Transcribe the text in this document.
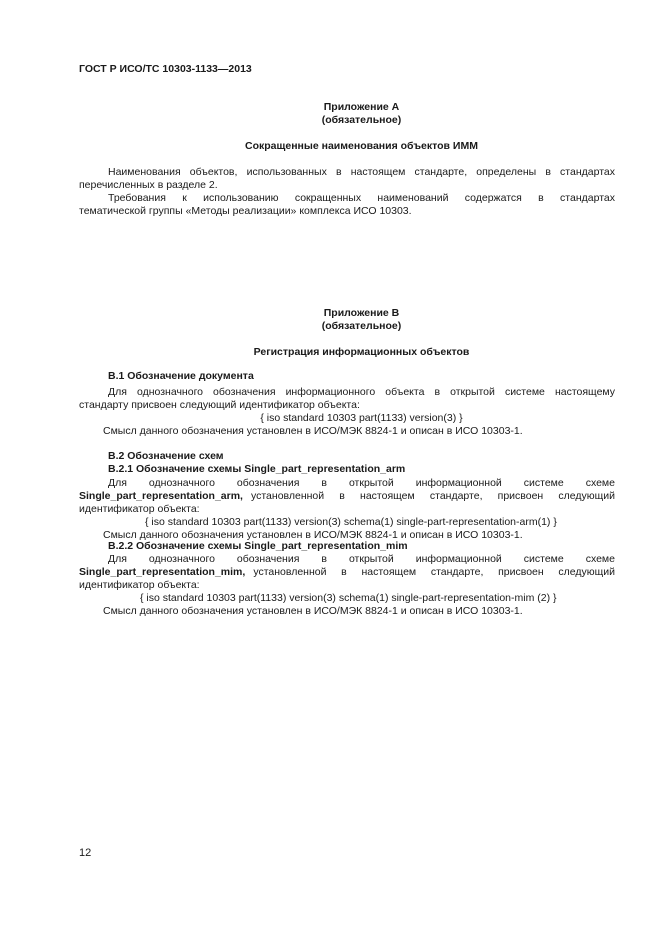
ГОСТ Р ИСО/ТС 10303-1133—2013
Приложение А
(обязательное)
Сокращенные наименования объектов ИММ
Наименования объектов, использованных в настоящем стандарте, определены в стандартах
перечисленных в разделе 2.
Требования к использованию сокращенных наименований содержатся в стандартах
тематической группы «Методы реализации» комплекса ИСО 10303.
Приложение В
(обязательное)
Регистрация информационных объектов
В.1 Обозначение документа
Для однозначного обозначения информационного объекта в открытой системе настоящему
стандарту присвоен следующий идентификатор объекта:
{ iso standard 10303 part(1133) version(3) }
Смысл данного обозначения установлен в ИСО/МЭК 8824-1 и описан в ИСО 10303-1.
В.2 Обозначение схем
В.2.1 Обозначение схемы Single_part_representation_arm
Для однозначного обозначения в открытой информационной системе схеме
Single_part_representation_arm, установленной в настоящем стандарте, присвоен следующий
идентификатор объекта:
{ iso standard 10303 part(1133) version(3) schema(1) single-part-representation-arm(1) }
Смысл данного обозначения установлен в ИСО/МЭК 8824-1 и описан в ИСО 10303-1.
В.2.2 Обозначение схемы Single_part_representation_mim
Для однозначного обозначения в открытой информационной системе схеме
Single_part_representation_mim, установленной в настоящем стандарте, присвоен следующий
идентификатор объекта:
{ iso standard 10303 part(1133) version(3) schema(1) single-part-representation-mim (2) }
Смысл данного обозначения установлен в ИСО/МЭК 8824-1 и описан в ИСО 10303-1.
12
